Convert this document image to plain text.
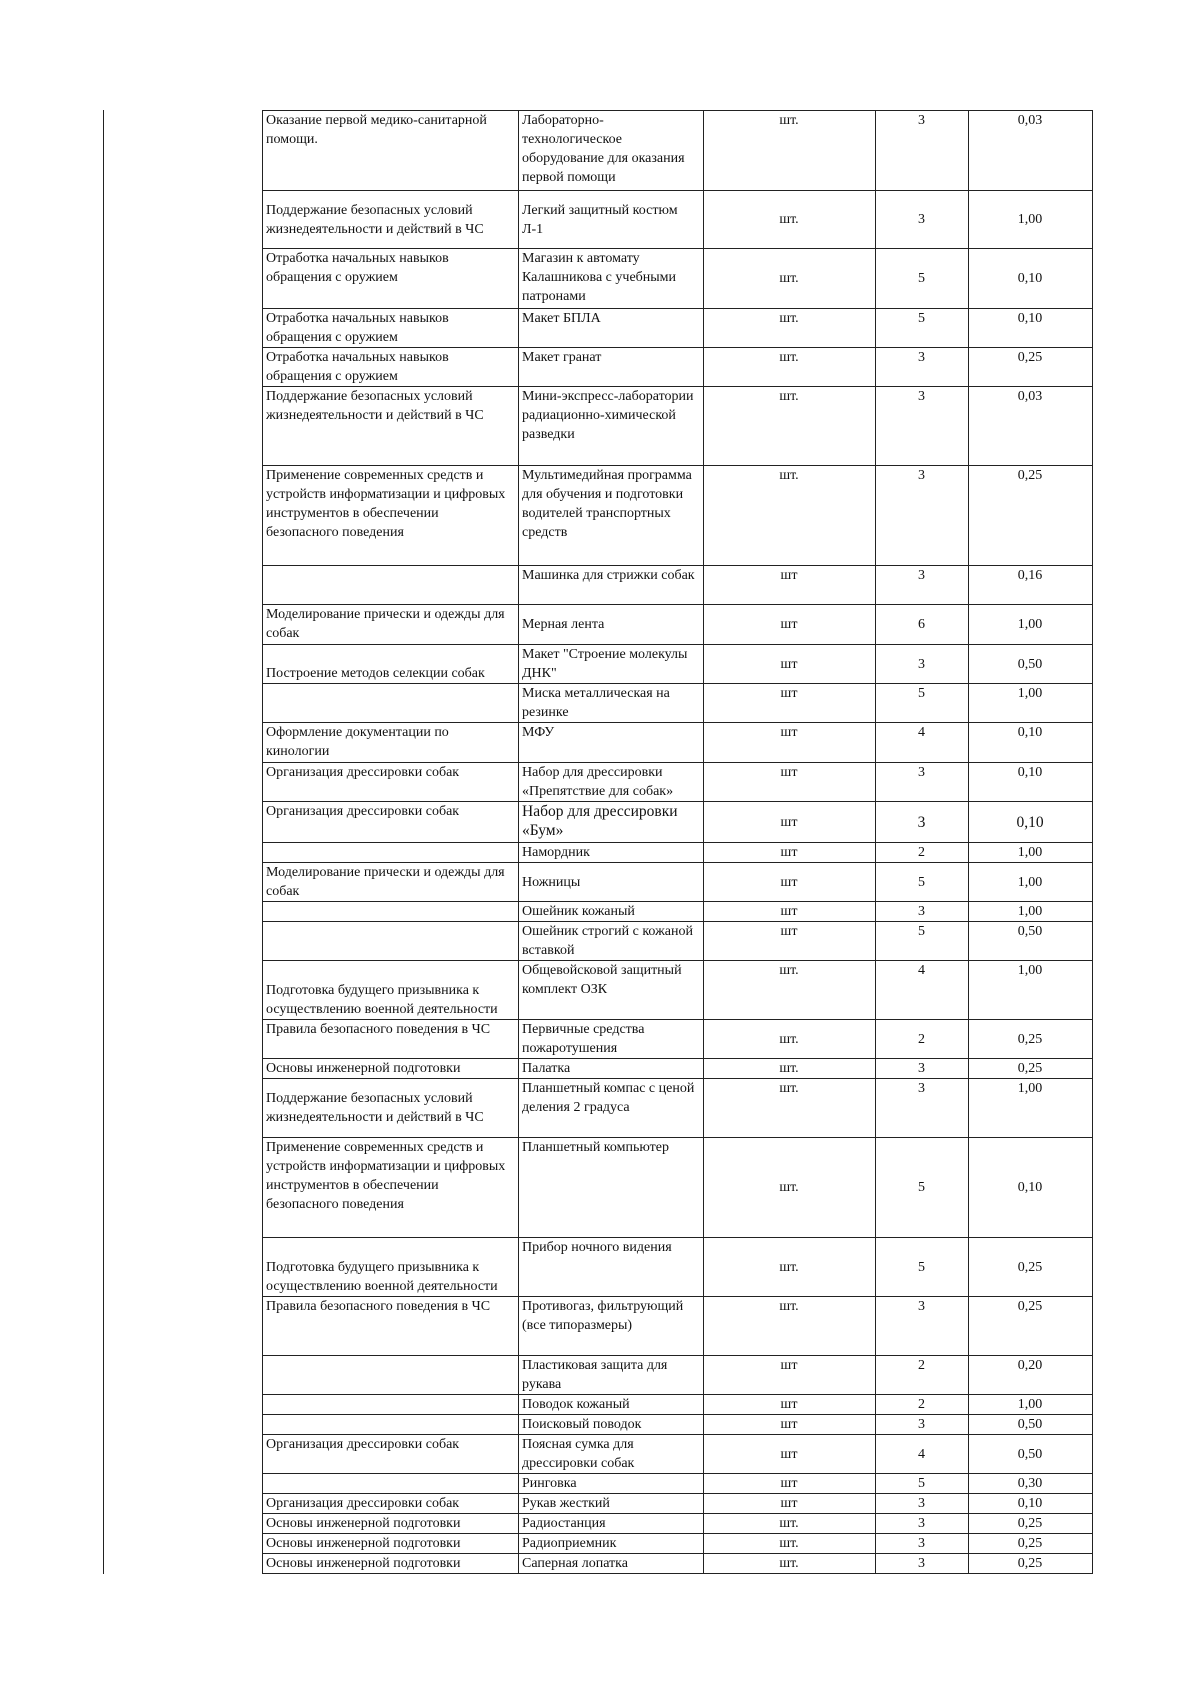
Оказание первой медико-санитарной помощи.	Лабораторно-технологическое оборудование для оказания первой помощи	шт.	3	0,03
Поддержание безопасных условий жизнедеятельности и действий в ЧС	Легкий защитный костюм Л-1	шт.	3	1,00
Отработка начальных навыков обращения с оружием	Магазин к автомату Калашникова с учебными патронами	шт.	5	0,10
Отработка начальных навыков обращения с оружием	Макет БПЛА	шт.	5	0,10
Отработка начальных навыков обращения с оружием	Макет гранат	шт.	3	0,25
Поддержание безопасных условий жизнедеятельности и действий в ЧС	Мини-экспресс-лаборатории радиационно-химической разведки	шт.	3	0,03
Применение современных средств и устройств информатизации и цифровых инструментов в обеспечении безопасного поведения	Мультимедийная программа для обучения и подготовки водителей транспортных средств	шт.	3	0,25
	Машинка для стрижки собак	шт	3	0,16
Моделирование прически и одежды для собак	Мерная лента	шт	6	1,00
Построение методов селекции собак	Макет "Строение молекулы ДНК"	шт	3	0,50
	Миска металлическая на резинке	шт	5	1,00
Оформление документации по кинологии	МФУ	шт	4	0,10
Организация дрессировки собак	Набор для дрессировки «Препятствие для собак»	шт	3	0,10
Организация дрессировки собак	Набор для дрессировки «Бум»	шт	3	0,10
	Намордник	шт	2	1,00
Моделирование прически и одежды для собак	Ножницы	шт	5	1,00
	Ошейник кожаный	шт	3	1,00
	Ошейник строгий с кожаной вставкой	шт	5	0,50
Подготовка будущего призывника к осуществлению военной деятельности	Общевойсковой защитный комплект ОЗК	шт.	4	1,00
Правила безопасного поведения в ЧС	Первичные средства пожаротушения	шт.	2	0,25
Основы инженерной подготовки	Палатка	шт.	3	0,25
Поддержание безопасных условий жизнедеятельности и действий в ЧС	Планшетный компас с ценой деления 2 градуса	шт.	3	1,00
Применение современных средств и устройств информатизации и цифровых инструментов в обеспечении безопасного поведения	Планшетный компьютер	шт.	5	0,10
Подготовка будущего призывника к осуществлению военной деятельности	Прибор ночного видения	шт.	5	0,25
Правила безопасного поведения в ЧС	Противогаз, фильтрующий (все типоразмеры)	шт.	3	0,25
	Пластиковая защита для рукава	шт	2	0,20
	Поводок кожаный	шт	2	1,00
	Поисковый поводок	шт	3	0,50
Организация дрессировки собак	Поясная сумка для дрессировки собак	шт	4	0,50
	Ринговка	шт	5	0,30
Организация дрессировки собак	Рукав жесткий	шт	3	0,10
Основы инженерной подготовки	Радиостанция	шт.	3	0,25
Основы инженерной подготовки	Радиоприемник	шт.	3	0,25
Основы инженерной подготовки	Саперная лопатка	шт.	3	0,25
